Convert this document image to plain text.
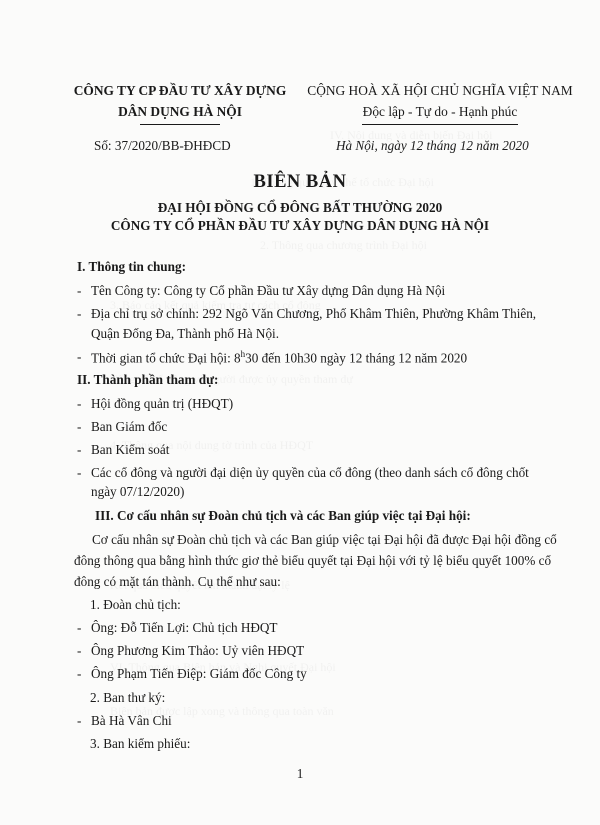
CÔNG TY CP ĐẦU TƯ XÂY DỰNG
DÂN DỤNG HÀ NỘI
CỘNG HOÀ XÃ HỘI CHỦ NGHĨA VIỆT NAM
Độc lập - Tự do - Hạnh phúc
Số: 37/2020/BB-ĐHĐCD	Hà Nội, ngày 12 tháng 12 năm 2020
BIÊN BẢN
ĐẠI HỘI ĐỒNG CỔ ĐÔNG BẤT THƯỜNG 2020
CÔNG TY CỔ PHẦN ĐẦU TƯ XÂY DỰNG DÂN DỤNG HÀ NỘI
I. Thông tin chung:
- Tên Công ty: Công ty Cổ phần Đầu tư Xây dựng Dân dụng Hà Nội
- Địa chỉ trụ sở chính: 292 Ngõ Văn Chương, Phố Khâm Thiên, Phường Khâm Thiên,
Quận Đống Đa, Thành phố Hà Nội.
- Thời gian tổ chức Đại hội: 8$^h$30 đến 10h30 ngày 12 tháng 12 năm 2020
II. Thành phần tham dự:
- Hội đồng quản trị (HĐQT)
- Ban Giám đốc
- Ban Kiểm soát
- Các cổ đông và người đại diện ủy quyền của cổ đông (theo danh sách cổ đông chốt
ngày 07/12/2020)
III. Cơ cấu nhân sự Đoàn chủ tịch và các Ban giúp việc tại Đại hội:
Cơ cấu nhân sự Đoàn chủ tịch và các Ban giúp việc tại Đại hội đã được Đại hội đồng cổ
đông thông qua bằng hình thức giơ thẻ biểu quyết tại Đại hội với tỷ lệ biểu quyết 100% cổ
đông có mặt tán thành. Cụ thể như sau:
1. Đoàn chủ tịch:
- Ông: Đỗ Tiến Lợi: Chủ tịch HĐQT
- Ông Phương Kim Thảo: Uỷ viên HĐQT
- Ông Phạm Tiến Điệp: Giám đốc Công ty
2. Ban thư ký:
- Bà Hà Vân Chi
3. Ban kiểm phiếu:
1
